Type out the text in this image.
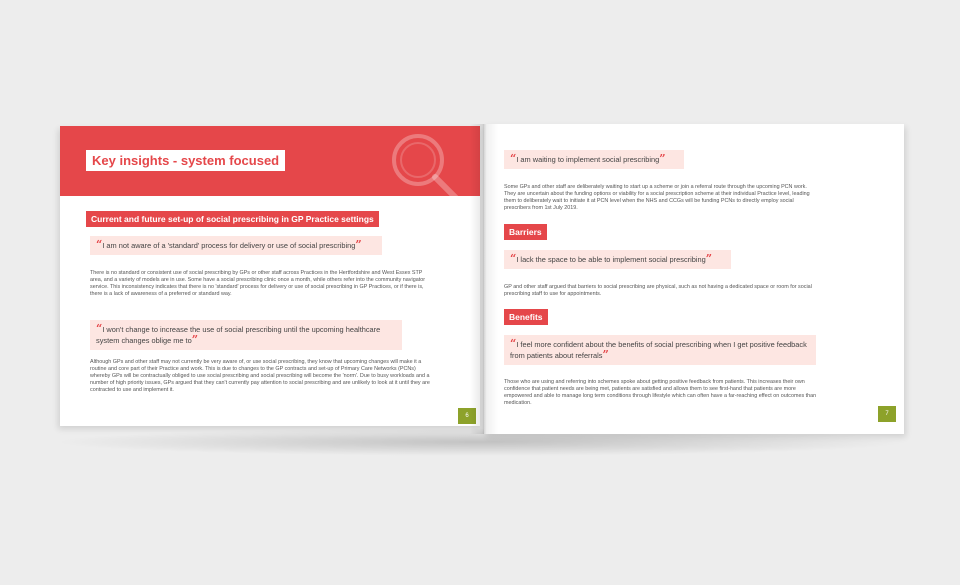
Key insights - system focused
Current and future set-up of social prescribing in GP Practice settings
“I am not aware of a 'standard' process for delivery or use of social prescribing”
There is no standard or consistent use of social prescribing by GPs or other staff across Practices in the Hertfordshire and West Essex STP area, and a variety of models are in use. Some have a social prescribing clinic once a month, while others refer into the community navigator service. This inconsistency indicates that there is no 'standard' process for delivery or use of social prescribing in GP Practices, or if there is, there is a lack of awareness of a preferred or standard way.
“I won't change to increase the use of social prescribing until the upcoming healthcare system changes oblige me to”
Although GPs and other staff may not currently be very aware of, or use social prescribing, they know that upcoming changes will make it a routine and core part of their Practice and work. This is due to changes to the GP contracts and set-up of Primary Care Networks (PCNs) whereby GPs will be contractually obliged to use social prescribing and social prescribing will become the 'norm'. Due to busy workloads and a number of high priority issues, GPs argued that they can't currently pay attention to social prescribing and are unlikely to look at it until they are contracted to use and implement it.
6
“I am waiting to implement social prescribing”
Some GPs and other staff are deliberately waiting to start up a scheme or join a referral route through the upcoming PCN work. They are uncertain about the funding options or viability for a social prescription scheme at their individual Practice level, leading them to deliberately wait to initiate it at PCN level when the NHS and CCGs will be funding PCNs to directly employ social prescribers from 1st July 2019.
Barriers
“I lack the space to be able to implement social prescribing”
GP and other staff argued that barriers to social prescribing are physical, such as not having a dedicated space or room for social prescribing staff to use for appointments.
Benefits
“I feel more confident about the benefits of social prescribing when I get positive feedback from patients about referrals”
Those who are using and referring into schemes spoke about getting positive feedback from patients. This increases their own confidence that patient needs are being met, patients are satisfied and allows them to see first-hand that patients are more empowered and able to manage long term conditions through lifestyle which can often have a far-reaching effect on outcomes than medication.
7
